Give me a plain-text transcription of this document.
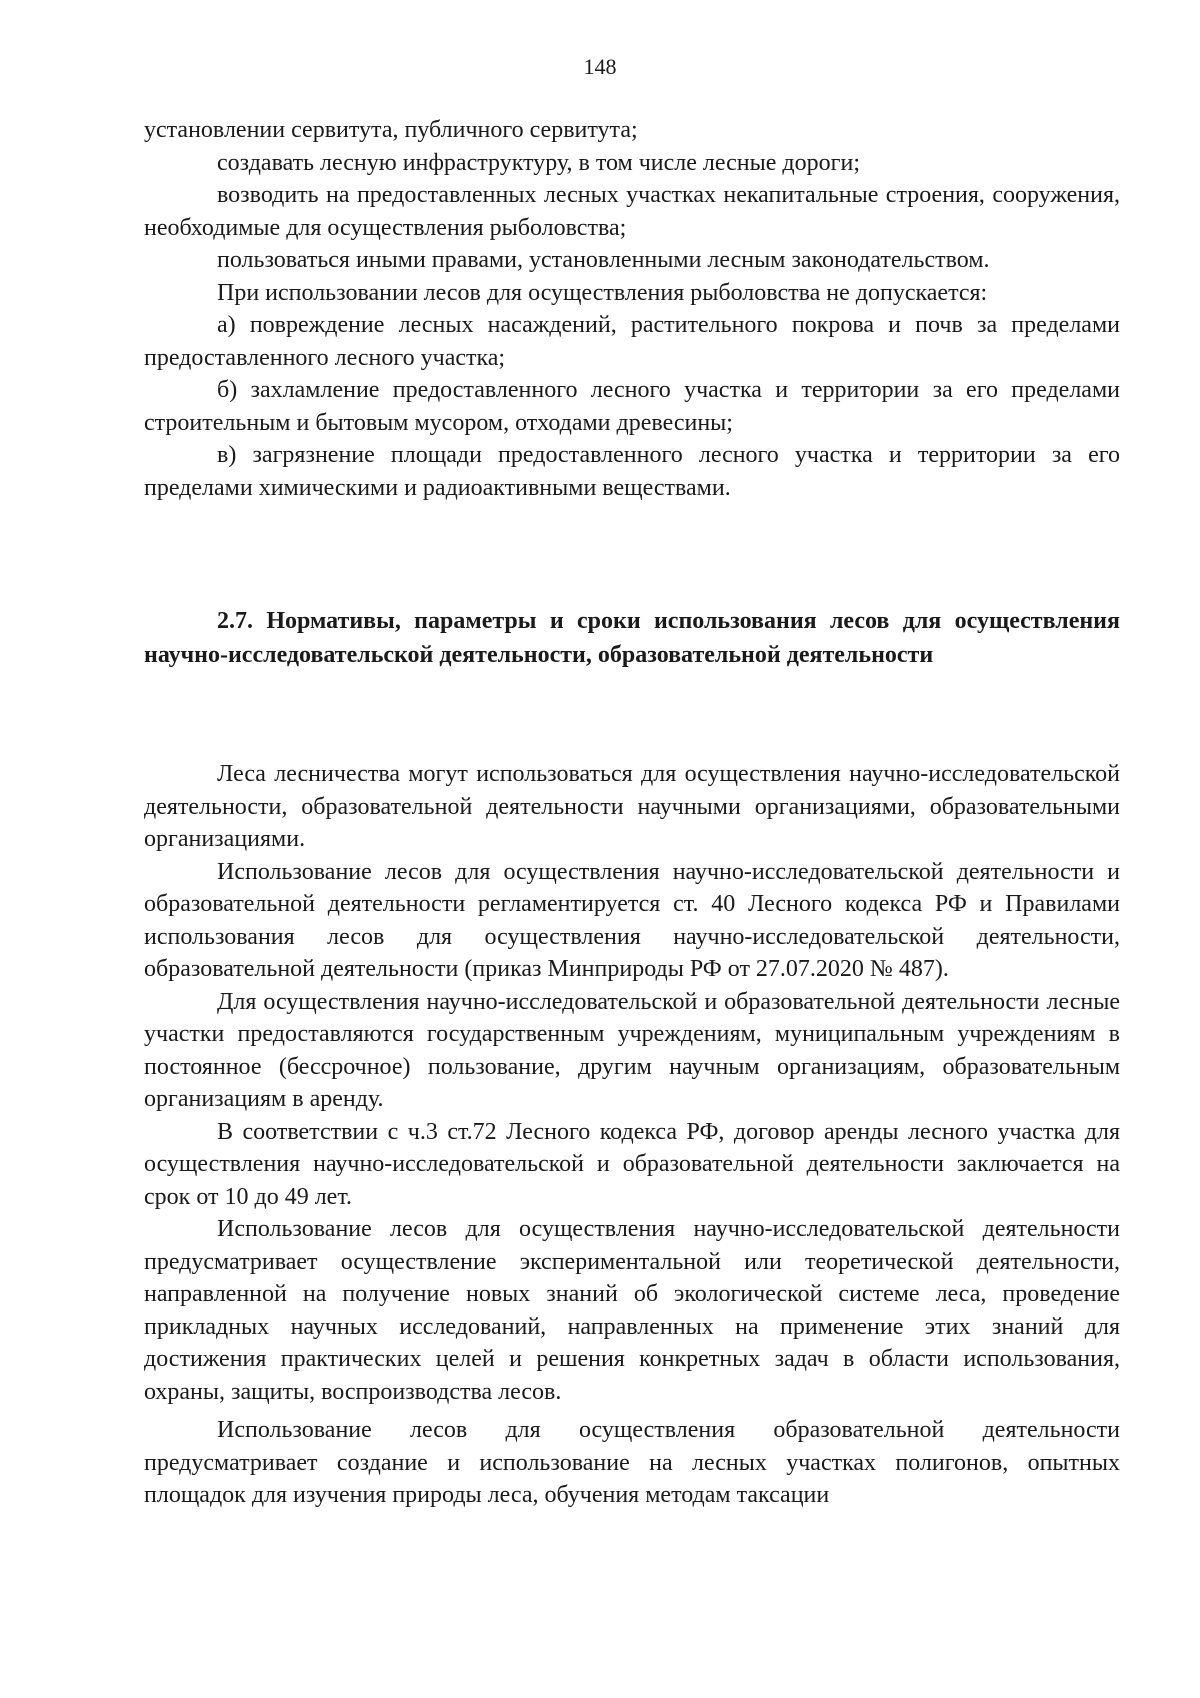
148

установлении сервитута, публичного сервитута;

создавать лесную инфраструктуру, в том числе лесные дороги;

возводить на предоставленных лесных участках некапитальные строения, сооружения, необходимые для осуществления рыболовства;

пользоваться иными правами, установленными лесным законодательством.

При использовании лесов для осуществления рыболовства не допускается:

а) повреждение лесных насаждений, растительного покрова и почв за пределами предоставленного лесного участка;

б) захламление предоставленного лесного участка и территории за его пределами строительным и бытовым мусором, отходами древесины;

в) загрязнение площади предоставленного лесного участка и территории за его пределами химическими и радиоактивными веществами.

2.7. Нормативы, параметры и сроки использования лесов для осуществления научно-исследовательской деятельности, образовательной деятельности

Леса лесничества могут использоваться для осуществления научно-исследовательской деятельности, образовательной деятельности научными организациями, образовательными организациями.

Использование лесов для осуществления научно-исследовательской деятельности и образовательной деятельности регламентируется ст. 40 Лесного кодекса РФ и Правилами использования лесов для осуществления научно-исследовательской деятельности, образовательной деятельности (приказ Минприроды РФ от 27.07.2020 № 487).

Для осуществления научно-исследовательской и образовательной деятельности лесные участки предоставляются государственным учреждениям, муниципальным учреждениям в постоянное (бессрочное) пользование, другим научным организациям, образовательным организациям в аренду.

В соответствии с ч.3 ст.72 Лесного кодекса РФ, договор аренды лесного участка для осуществления научно-исследовательской и образовательной деятельности заключается на срок от 10 до 49 лет.

Использование лесов для осуществления научно-исследовательской деятельности предусматривает осуществление экспериментальной или теоретической деятельности, направленной на получение новых знаний об экологической системе леса, проведение прикладных научных исследований, направленных на применение этих знаний для достижения практических целей и решения конкретных задач в области использования, охраны, защиты, воспроизводства лесов.

Использование лесов для осуществления образовательной деятельности предусматривает создание и использование на лесных участках полигонов, опытных площадок для изучения природы леса, обучения методам таксации
